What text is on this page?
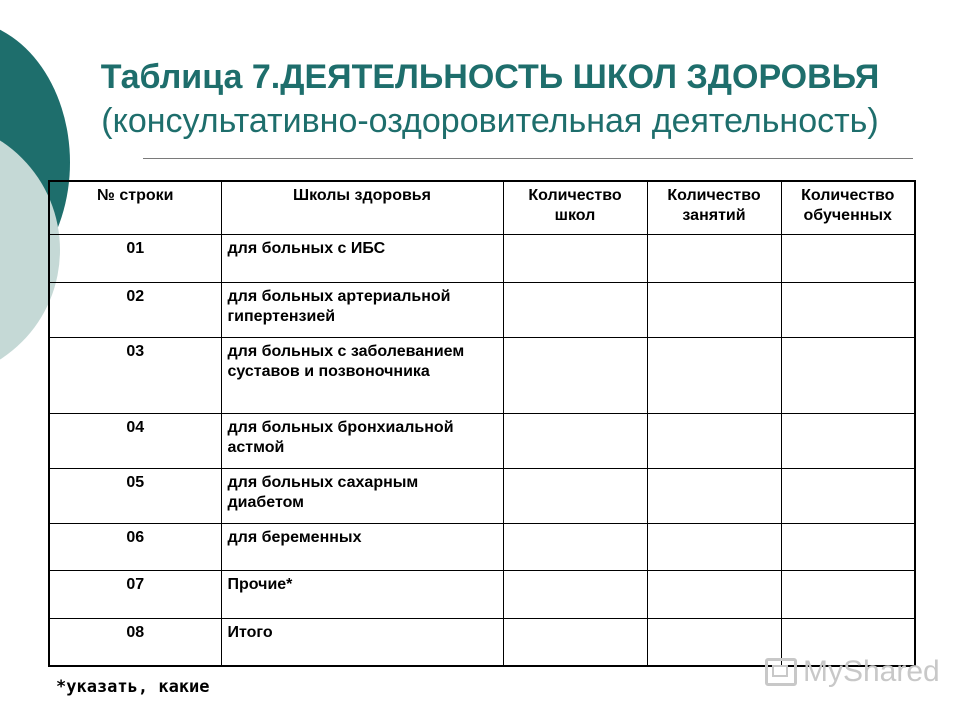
Таблица 7.ДЕЯТЕЛЬНОСТЬ ШКОЛ ЗДОРОВЬЯ
(консультативно-оздоровительная деятельность)
№ строки	Школы здоровья	Количество школ	Количество занятий	Количество обученных
01	для больных с ИБС			
02	для больных артериальной гипертензией			
03	для больных с заболеванием суставов и позвоночника			
04	для больных бронхиальной астмой			
05	для больных сахарным диабетом			
06	для беременных			
07	Прочие*			
08	Итого			
*указать, какие	MyShared
